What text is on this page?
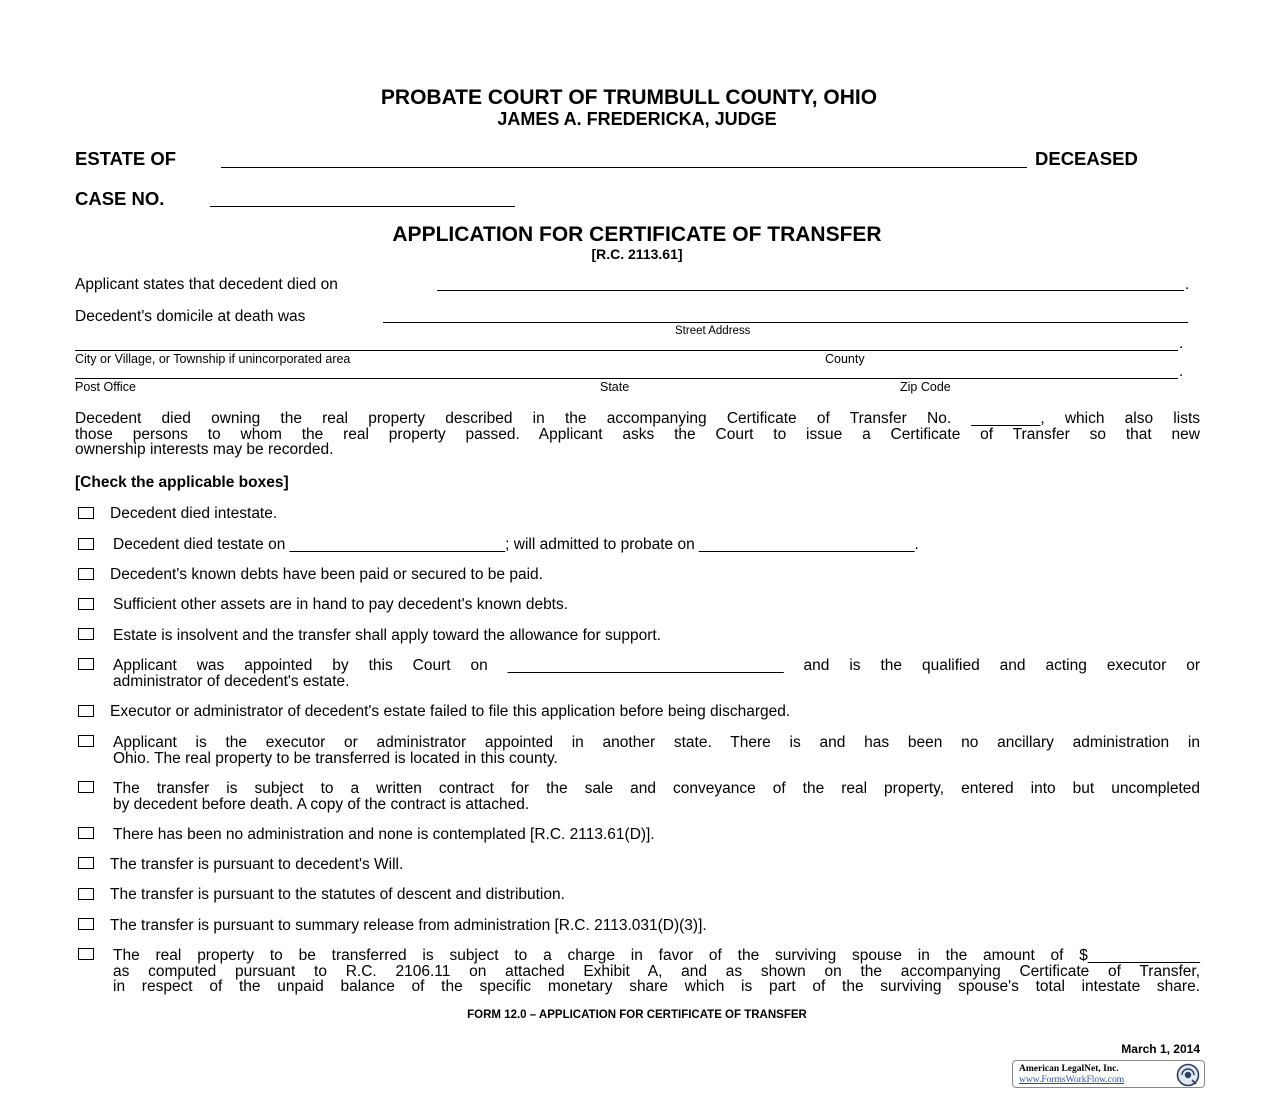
PROBATE COURT OF TRUMBULL COUNTY, OHIO
JAMES A. FREDERICKA, JUDGE
ESTATE OF	DECEASED
CASE NO.
APPLICATION FOR CERTIFICATE OF TRANSFER
[R.C. 2113.61]
Applicant states that decedent died on	.
Decedent's domicile at death was
Street Address
.
City or Village, or Township if unincorporated area	County
.
Post Office	State	Zip Code
Decedent died owning the real property described in the accompanying Certificate of Transfer No. ________, which also lists
those persons to whom the real property passed. Applicant asks the Court to issue a Certificate of Transfer so that new
ownership interests may be recorded.
[Check the applicable boxes]
Decedent died intestate.
Decedent died testate on _________________________; will admitted to probate on _________________________.
Decedent's known debts have been paid or secured to be paid.
Sufficient other assets are in hand to pay decedent's known debts.
Estate is insolvent and the transfer shall apply toward the allowance for support.
Applicant was appointed by this Court on ________________________________ and is the qualified and acting executor or
administrator of decedent's estate.
Executor or administrator of decedent's estate failed to file this application before being discharged.
Applicant is the executor or administrator appointed in another state. There is and has been no ancillary administration in
Ohio. The real property to be transferred is located in this county.
The transfer is subject to a written contract for the sale and conveyance of the real property, entered into but uncompleted
by decedent before death. A copy of the contract is attached.
There has been no administration and none is contemplated [R.C. 2113.61(D)].
The transfer is pursuant to decedent's Will.
The transfer is pursuant to the statutes of descent and distribution.
The transfer is pursuant to summary release from administration [R.C. 2113.031(D)(3)].
The real property to be transferred is subject to a charge in favor of the surviving spouse in the amount of $_____________
as computed pursuant to R.C. 2106.11 on attached Exhibit A, and as shown on the accompanying Certificate of Transfer,
in respect of the unpaid balance of the specific monetary share which is part of the surviving spouse's total intestate share.
FORM 12.0 – APPLICATION FOR CERTIFICATE OF TRANSFER
March 1, 2014
American LegalNet, Inc.
www.FormsWorkFlow.com
